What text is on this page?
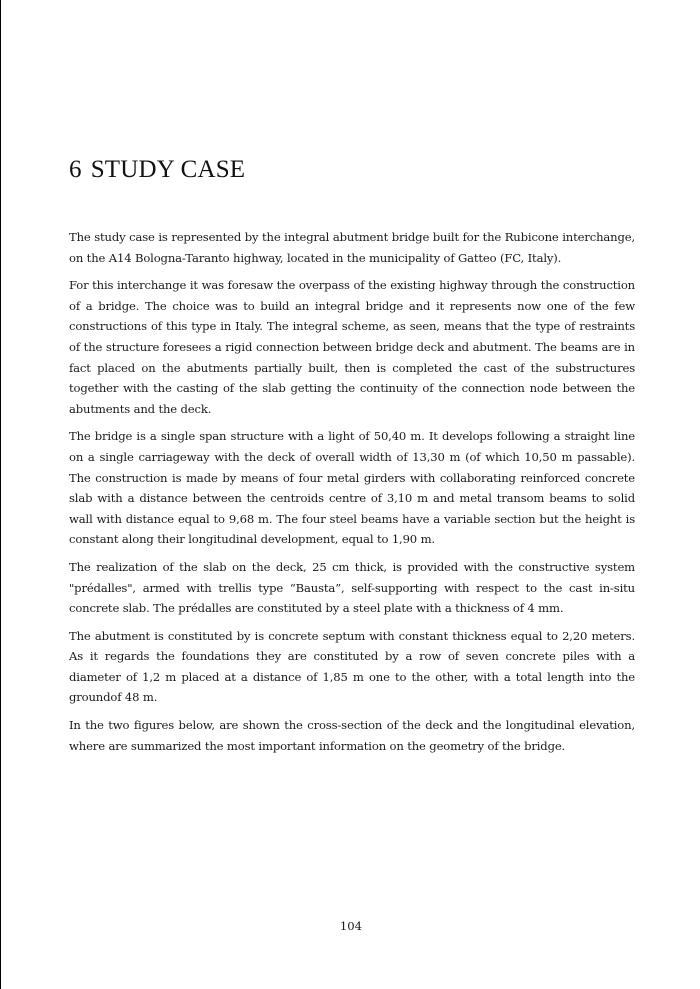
6 STUDY CASE

The study case is represented by the integral abutment bridge built for the Rubicone interchange, on the A14 Bologna-Taranto highway, located in the municipality of Gatteo (FC, Italy).

For this interchange it was foresaw the overpass of the existing highway through the construction of a bridge. The choice was to build an integral bridge and it represents now one of the few constructions of this type in Italy. The integral scheme, as seen, means that the type of restraints of the structure foresees a rigid connection between bridge deck and abutment. The beams are in fact placed on the abutments partially built, then is completed the cast of the substructures together with the casting of the slab getting the continuity of the connection node between the abutments and the deck.

The bridge is a single span structure with a light of 50,40 m. It develops following a straight line on a single carriageway with the deck of overall width of 13,30 m (of which 10,50 m passable). The construction is made by means of four metal girders with collaborating reinforced concrete slab with a distance between the centroids centre of 3,10 m and metal transom beams to solid wall with distance equal to 9,68 m. The four steel beams have a variable section but the height is constant along their longitudinal development, equal to 1,90 m.

The realization of the slab on the deck, 25 cm thick, is provided with the constructive system "prédalles", armed with trellis type “Bausta”, self-supporting with respect to the cast in-situ concrete slab. The prédalles are constituted by a steel plate with a thickness of 4 mm.

The abutment is constituted by is concrete septum with constant thickness equal to 2,20 meters. As it regards the foundations they are constituted by a row of seven concrete piles with a diameter of 1,2 m placed at a distance of 1,85 m one to the other, with a total length into the groundof 48 m.

In the two figures below, are shown the cross-section of the deck and the longitudinal elevation, where are summarized the most important information on the geometry of the bridge.

104
